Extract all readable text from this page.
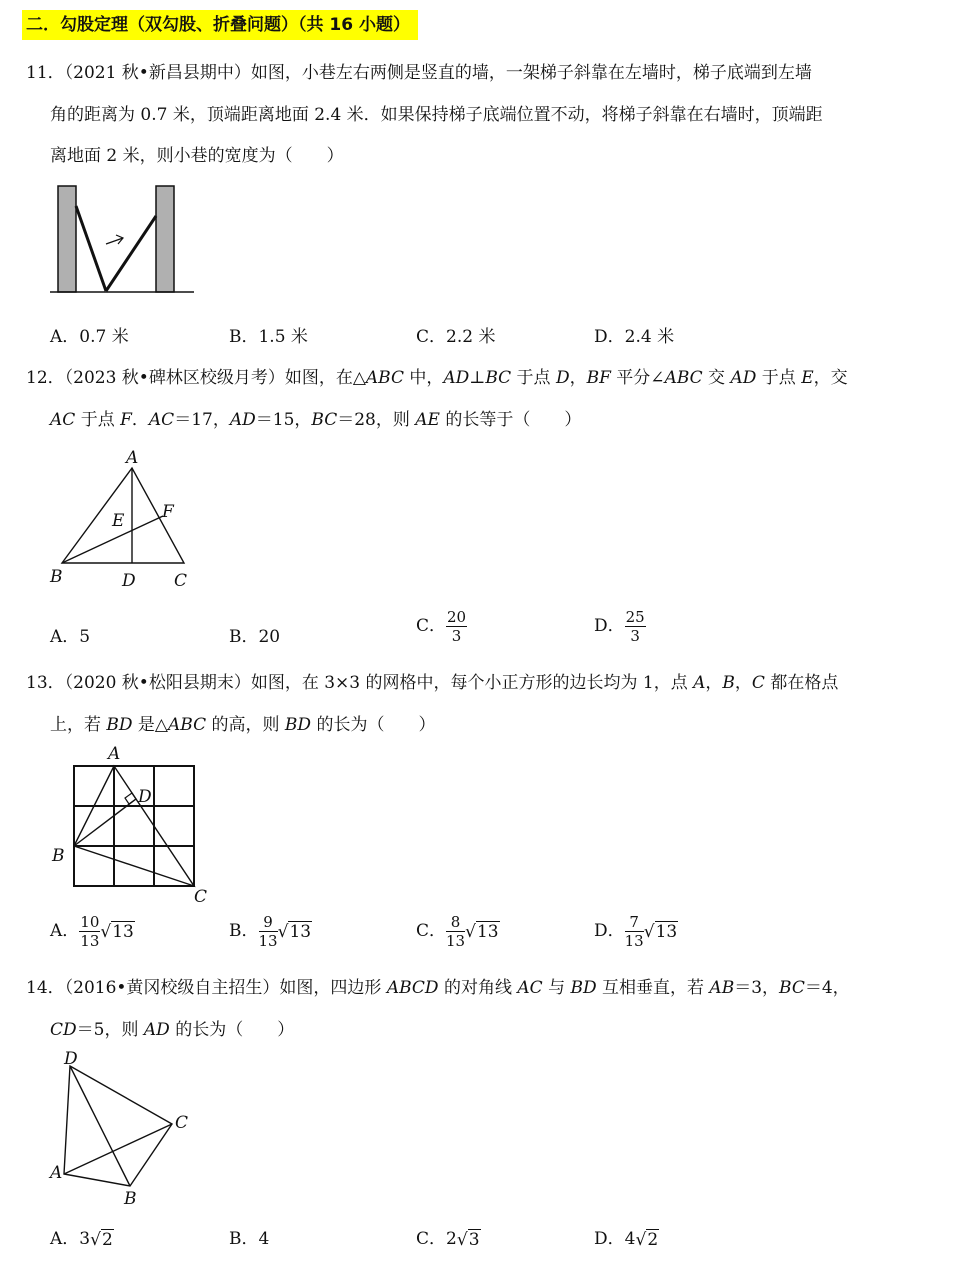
二．勾股定理（双勾股、折叠问题）（共 16 小题）
11．（2021 秋•新昌县期中）如图，小巷左右两侧是竖直的墙，一架梯子斜靠在左墙时，梯子底端到左墙
角的距离为 0.7 米，顶端距离地面 2.4 米．如果保持梯子底端位置不动，将梯子斜靠在右墙时，顶端距
离地面 2 米，则小巷的宽度为（　　）
A．0.7 米	B．1.5 米	C．2.2 米	D．2.4 米
12．（2023 秋•碑林区校级月考）如图，在△ABC 中，AD⊥BC 于点 D，BF 平分∠ABC 交 AD 于点 E，交
AC 于点 F．AC＝17，AD＝15，BC＝28，则 AE 的长等于（　　）
A
B	C
D
E F
A．5	B．20
C． $\frac{20}{3}$	D． $\frac{25}{3}$
13．（2020 秋•松阳县期末）如图，在 3×3 的网格中，每个小正方形的边长均为 1，点 A，B，C 都在格点
上，若 BD 是△ABC 的高，则 BD 的长为（　　）
A
B
C
D
A． $\frac{10}{13} √13$	B． $\frac{9}{13} √13$	C． $\frac{8}{13} √13$	D． $\frac{7}{13} √13$
14．（2016•黄冈校级自主招生）如图，四边形 ABCD 的对角线 AC 与 BD 互相垂直，若 AB＝3，BC＝4，
CD＝5，则 AD 的长为（　　）
D
C
A
B
A．3√2	B．4	C．2√3	D．4√2
